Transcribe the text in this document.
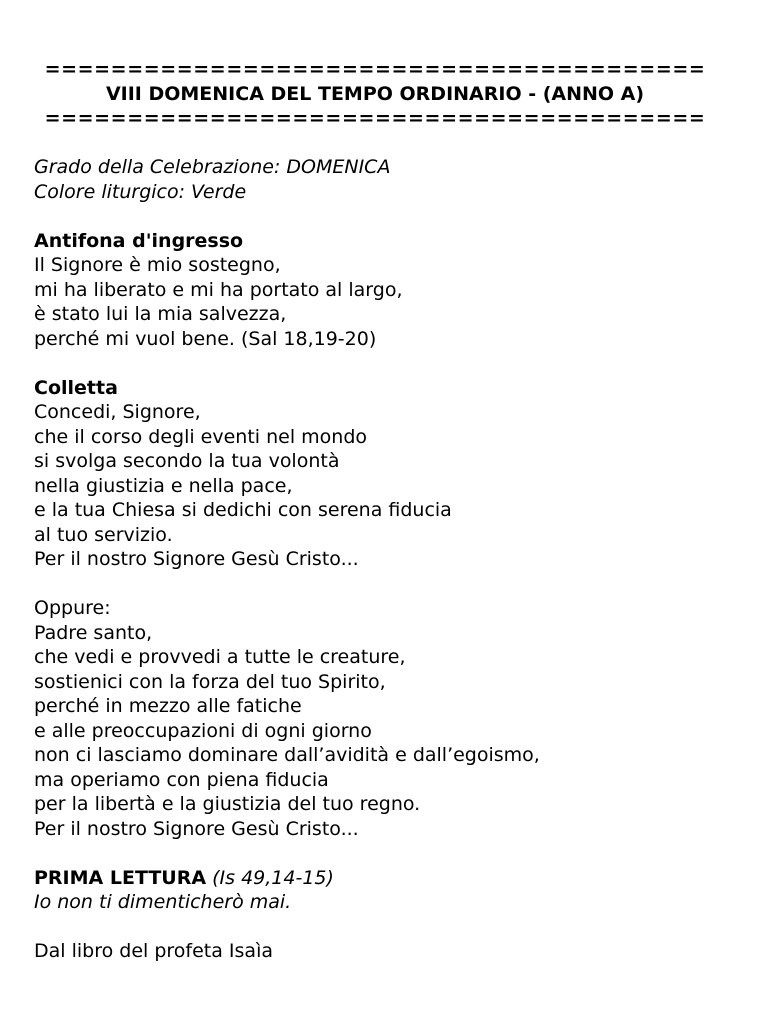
========================================
VIII DOMENICA DEL TEMPO ORDINARIO - (ANNO A)
========================================
Grado della Celebrazione: DOMENICA
Colore liturgico: Verde
Antifona d'ingresso
Il Signore è mio sostegno,
mi ha liberato e mi ha portato al largo,
è stato lui la mia salvezza,
perché mi vuol bene. (Sal 18,19-20)
Colletta
Concedi, Signore,
che il corso degli eventi nel mondo
si svolga secondo la tua volontà
nella giustizia e nella pace,
e la tua Chiesa si dedichi con serena fiducia
al tuo servizio.
Per il nostro Signore Gesù Cristo...
Oppure:
Padre santo,
che vedi e provvedi a tutte le creature,
sostienici con la forza del tuo Spirito,
perché in mezzo alle fatiche
e alle preoccupazioni di ogni giorno
non ci lasciamo dominare dall’avidità e dall’egoismo,
ma operiamo con piena fiducia
per la libertà e la giustizia del tuo regno.
Per il nostro Signore Gesù Cristo...
PRIMA LETTURA (Is 49,14-15)
Io non ti dimenticherò mai.
Dal libro del profeta Isaìa
